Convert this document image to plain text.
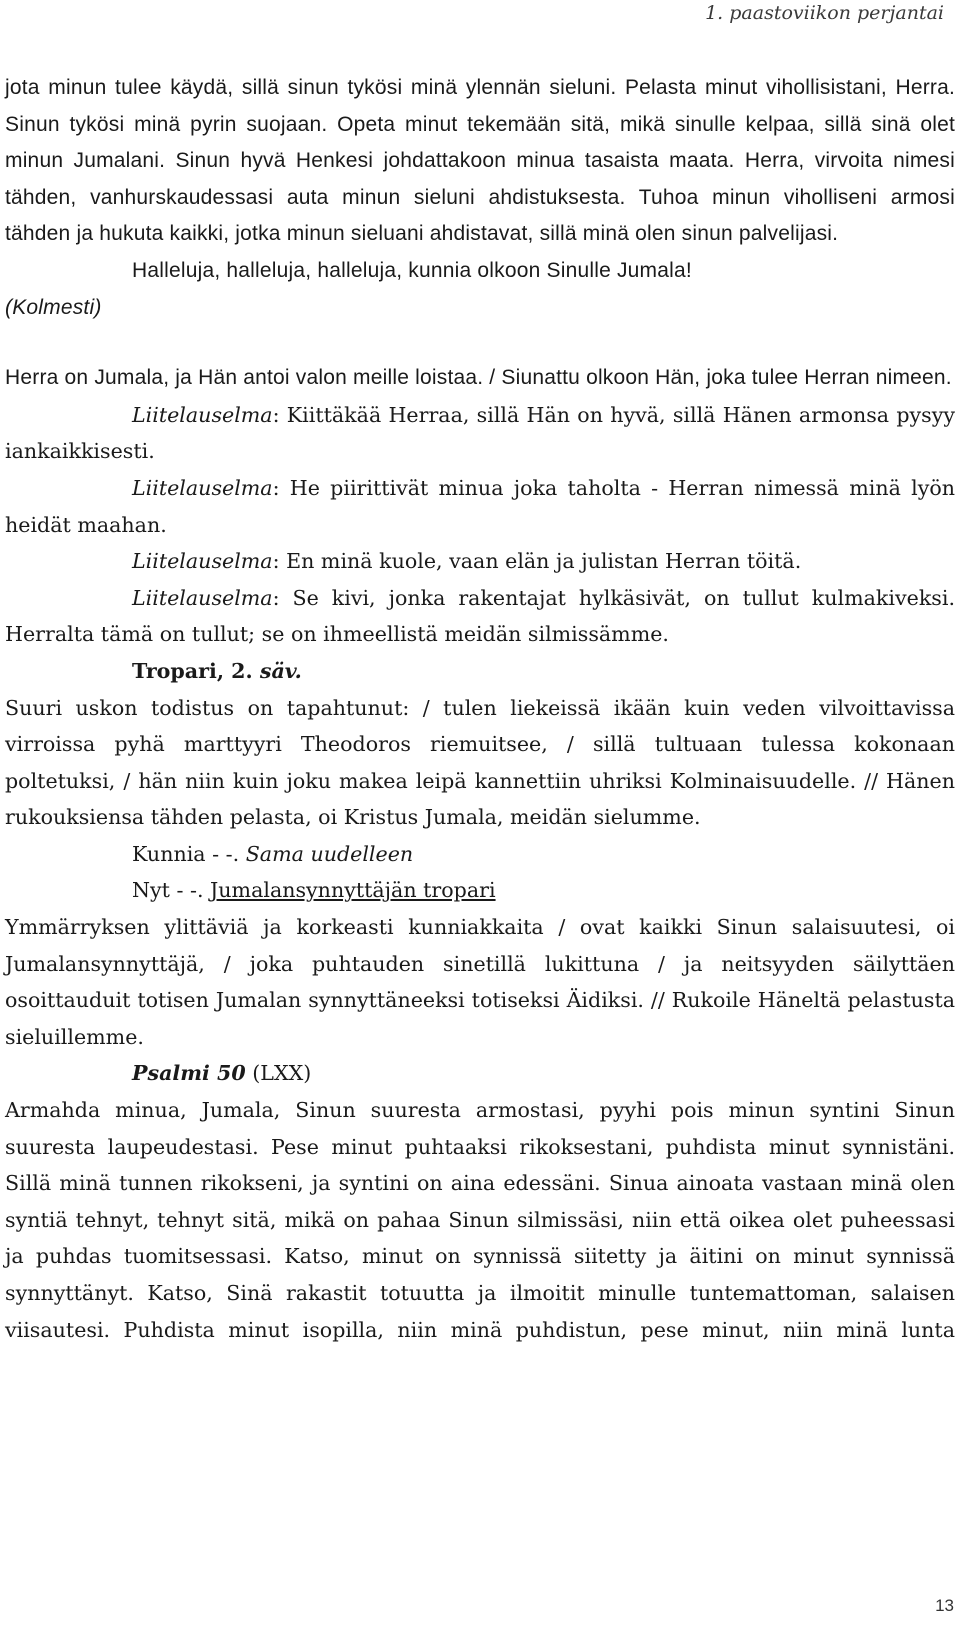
1. paastoviikon perjantai

jota minun tulee käydä, sillä sinun tykösi minä ylennän sieluni. Pelasta minut vihollisistani, Herra. Sinun tykösi minä pyrin suojaan. Opeta minut tekemään sitä, mikä sinulle kelpaa, sillä sinä olet minun Jumalani. Sinun hyvä Henkesi johdattakoon minua tasaista maata. Herra, virvoita nimesi tähden, vanhurskaudessasi auta minun sieluni ahdistuksesta. Tuhoa minun viholliseni armosi tähden ja hukuta kaikki, jotka minun sieluani ahdistavat, sillä minä olen sinun palvelijasi.

Halleluja, halleluja, halleluja, kunnia olkoon Sinulle Jumala!

(Kolmesti)

Herra on Jumala, ja Hän antoi valon meille loistaa. / Siunattu olkoon Hän, joka tulee Herran nimeen.

Liitelauselma: Kiittäkää Herraa, sillä Hän on hyvä, sillä Hänen armonsa pysyy iankaikkisesti.

Liitelauselma: He piirittivät minua joka taholta - Herran nimessä minä lyön heidät maahan.

Liitelauselma: En minä kuole, vaan elän ja julistan Herran töitä.

Liitelauselma: Se kivi, jonka rakentajat hylkäsivät, on tullut kulmakiveksi. Herralta tämä on tullut; se on ihmeellistä meidän silmissämme.

Tropari, 2. säv.

Suuri uskon todistus on tapahtunut: / tulen liekeissä ikään kuin veden vilvoittavissa virroissa pyhä marttyyri Theodoros riemuitsee, / sillä tultuaan tulessa kokonaan poltetuksi, / hän niin kuin joku makea leipä kannettiin uhriksi Kolminaisuudelle. // Hänen rukouksiensa tähden pelasta, oi Kristus Jumala, meidän sielumme.

Kunnia - -. Sama uudelleen

Nyt - -. Jumalansynnyttäjän tropari

Ymmärryksen ylittäviä ja korkeasti kunniakkaita / ovat kaikki Sinun salaisuutesi, oi Jumalansynnyttäjä, / joka puhtauden sinetillä lukittuna / ja neitsyyden säilyttäen osoittauduit totisen Jumalan synnyttäneeksi totiseksi Äidiksi. // Rukoile Häneltä pelastusta sieluillemme.

Psalmi 50 (LXX)

Armahda minua, Jumala, Sinun suuresta armostasi, pyyhi pois minun syntini Sinun suuresta laupeudestasi. Pese minut puhtaaksi rikoksestani, puhdista minut synnistäni. Sillä minä tunnen rikokseni, ja syntini on aina edessäni. Sinua ainoata vastaan minä olen syntiä tehnyt, tehnyt sitä, mikä on pahaa Sinun silmissäsi, niin että oikea olet puheessasi ja puhdas tuomitsessasi. Katso, minut on synnissä siitetty ja äitini on minut synnissä synnyttänyt. Katso, Sinä rakastit totuutta ja ilmoitit minulle tuntemattoman, salaisen viisautesi. Puhdista minut isopilla, niin minä puhdistun, pese minut, niin minä lunta

13
